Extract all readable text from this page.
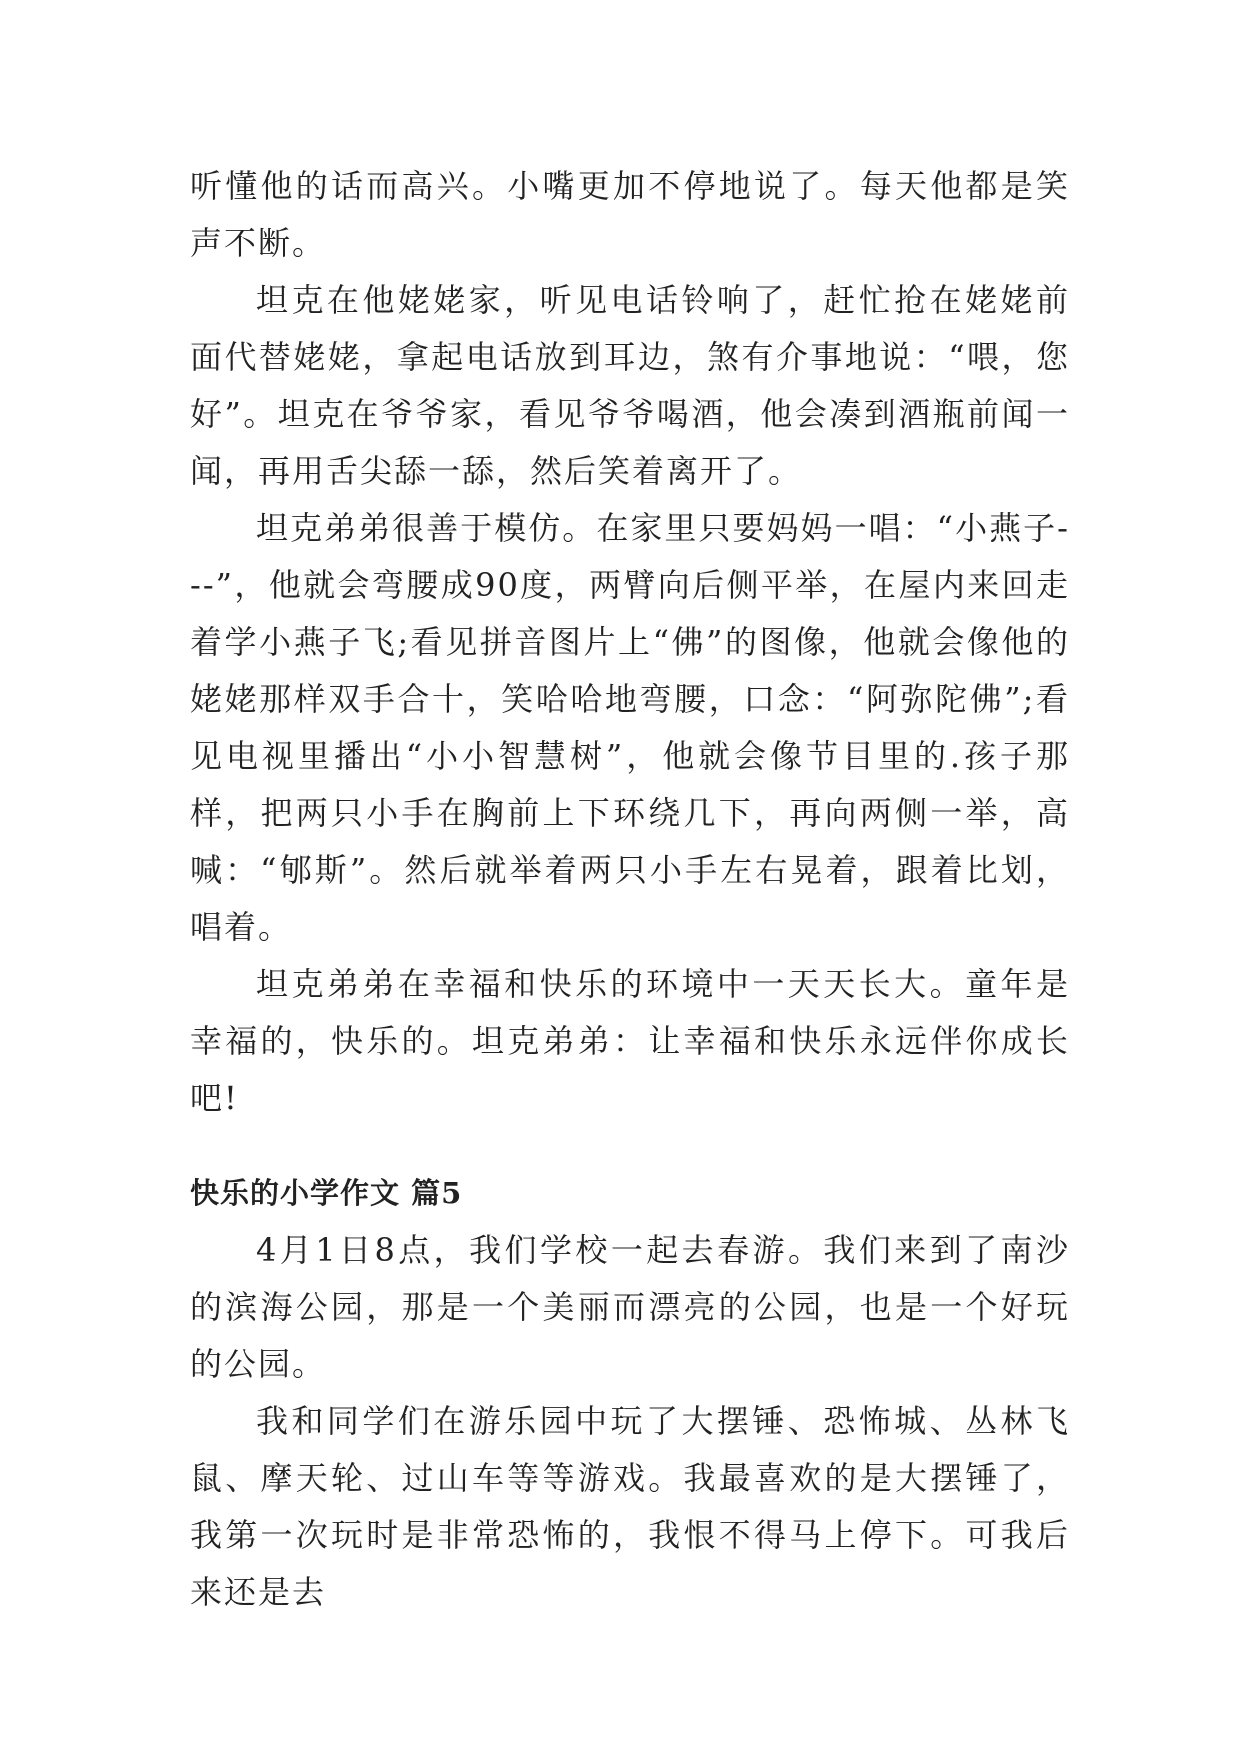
听懂他的话而高兴。小嘴更加不停地说了。每天他都是笑声不断。

坦克在他姥姥家，听见电话铃响了，赶忙抢在姥姥前面代替姥姥，拿起电话放到耳边，煞有介事地说：“喂，您好”。坦克在爷爷家，看见爷爷喝酒，他会凑到酒瓶前闻一闻，再用舌尖舔一舔，然后笑着离开了。

坦克弟弟很善于模仿。在家里只要妈妈一唱：“小燕子---”，他就会弯腰成90度，两臂向后侧平举，在屋内来回走着学小燕子飞;看见拼音图片上“佛”的图像，他就会像他的姥姥那样双手合十，笑哈哈地弯腰，口念：“阿弥陀佛”;看见电视里播出“小小智慧树”，他就会像节目里的.孩子那样，把两只小手在胸前上下环绕几下，再向两侧一举，高喊：“郇斯”。然后就举着两只小手左右晃着，跟着比划，唱着。

坦克弟弟在幸福和快乐的环境中一天天长大。童年是幸福的，快乐的。坦克弟弟：让幸福和快乐永远伴你成长吧!

快乐的小学作文 篇5

4月1日8点，我们学校一起去春游。我们来到了南沙的滨海公园，那是一个美丽而漂亮的公园，也是一个好玩的公园。

我和同学们在游乐园中玩了大摆锤、恐怖城、丛林飞鼠、摩天轮、过山车等等游戏。我最喜欢的是大摆锤了，我第一次玩时是非常恐怖的，我恨不得马上停下。可我后来还是去
